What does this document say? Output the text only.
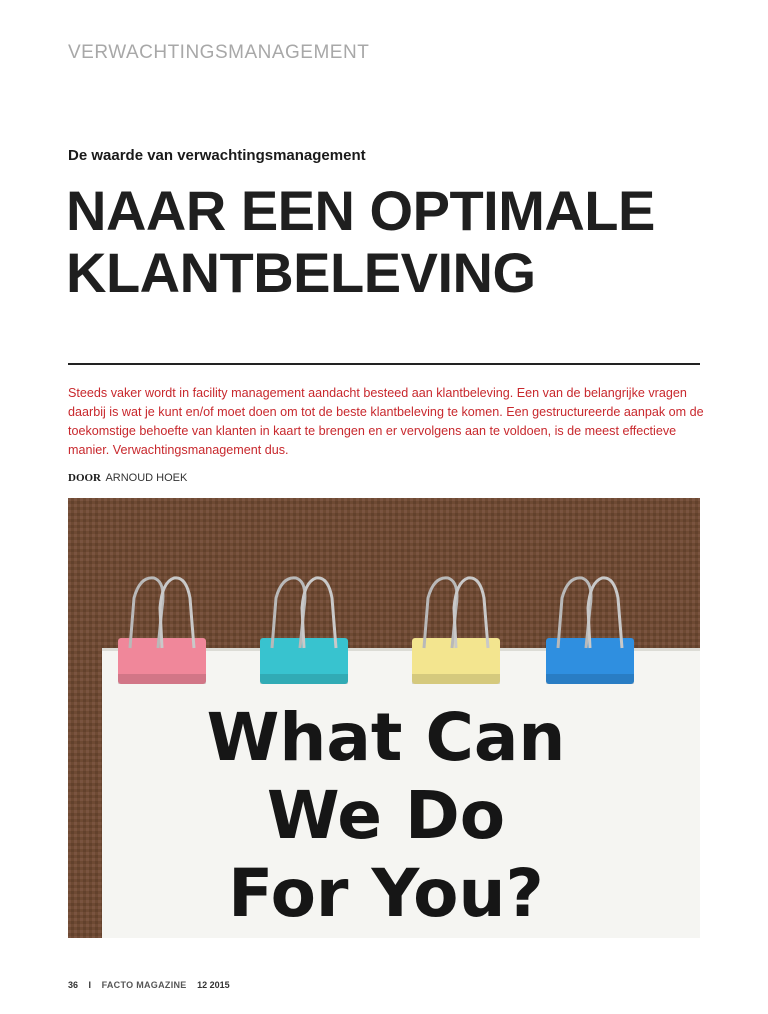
VERWACHTINGSMANAGEMENT
De waarde van verwachtingsmanagement
NAAR EEN OPTIMALE
KLANTBELEVING

Steeds vaker wordt in facility management aandacht besteed aan klantbeleving. Een van de belangrijke vragen daarbij is wat je kunt en/of moet doen om tot de beste klantbeleving te komen. Een gestructureerde aanpak om de toekomstige behoefte van klanten in kaart te brengen en er vervolgens aan te voldoen, is de meest effectieve manier. Verwachtingsmanagement dus.

DOOR ARNOUD HOEK
What Can
We Do
For You?
36 I FACTO MAGAZINE 12 2015
